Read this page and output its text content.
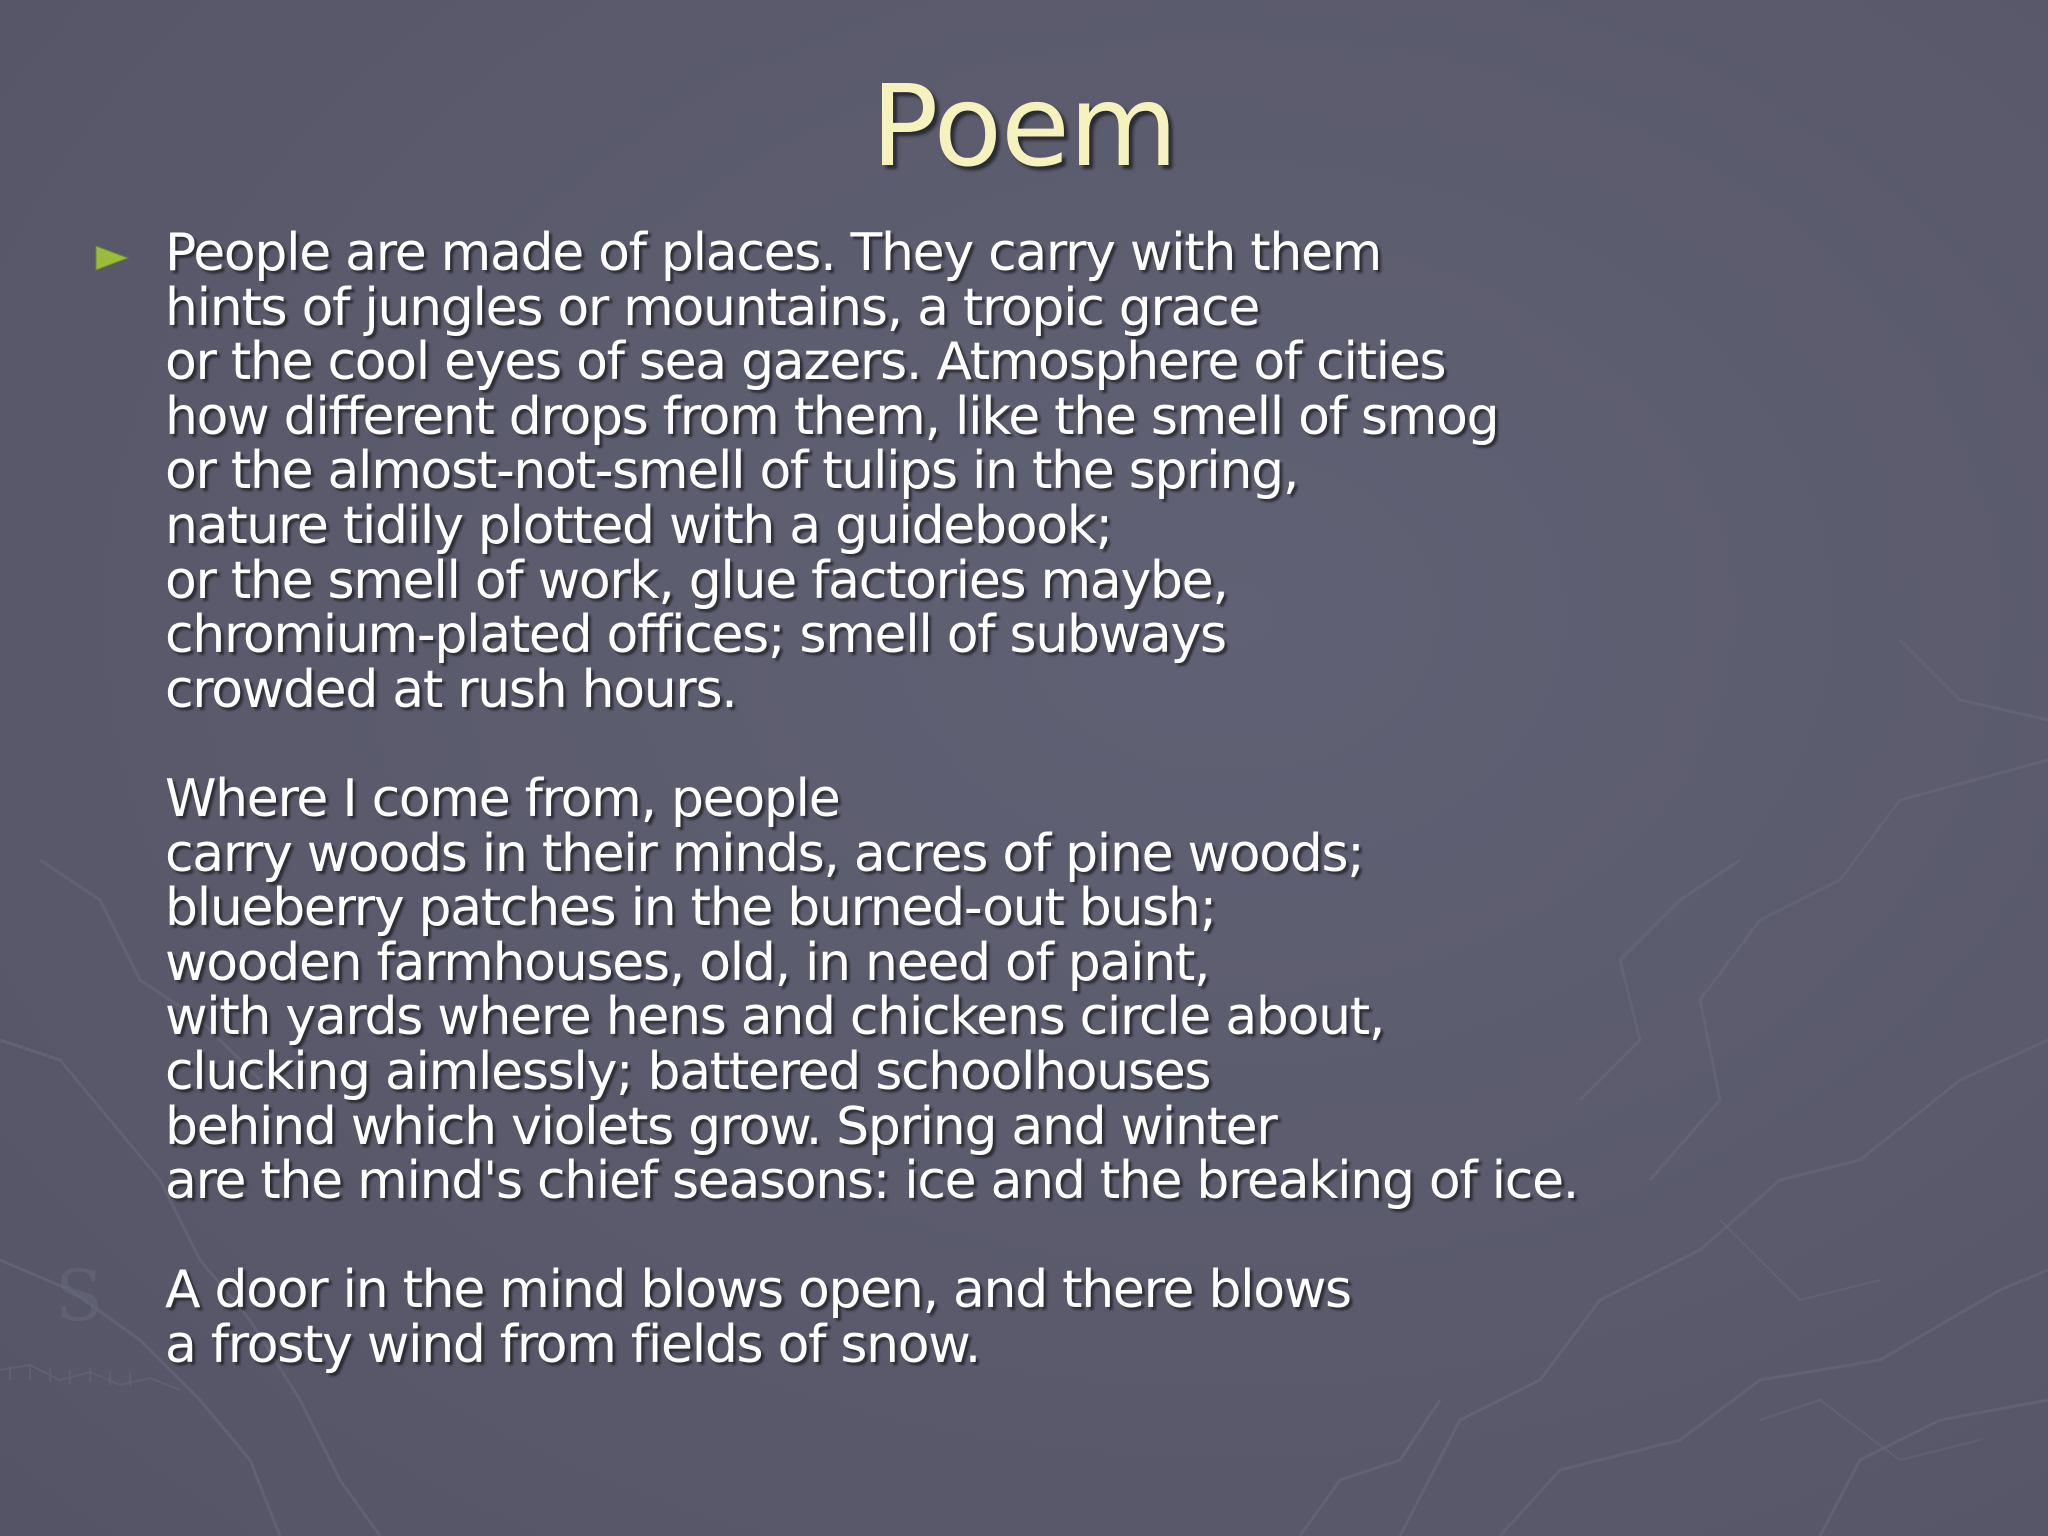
S
Poem
People are made of places. They carry with them
hints of jungles or mountains, a tropic grace
or the cool eyes of sea gazers. Atmosphere of cities
how different drops from them, like the smell of smog
or the almost-not-smell of tulips in the spring,
nature tidily plotted with a guidebook;
or the smell of work, glue factories maybe,
chromium-plated offices; smell of subways
crowded at rush hours.
Where I come from, people
carry woods in their minds, acres of pine woods;
blueberry patches in the burned-out bush;
wooden farmhouses, old, in need of paint,
with yards where hens and chickens circle about,
clucking aimlessly; battered schoolhouses
behind which violets grow. Spring and winter
are the mind's chief seasons: ice and the breaking of ice.
A door in the mind blows open, and there blows
a frosty wind from fields of snow.
